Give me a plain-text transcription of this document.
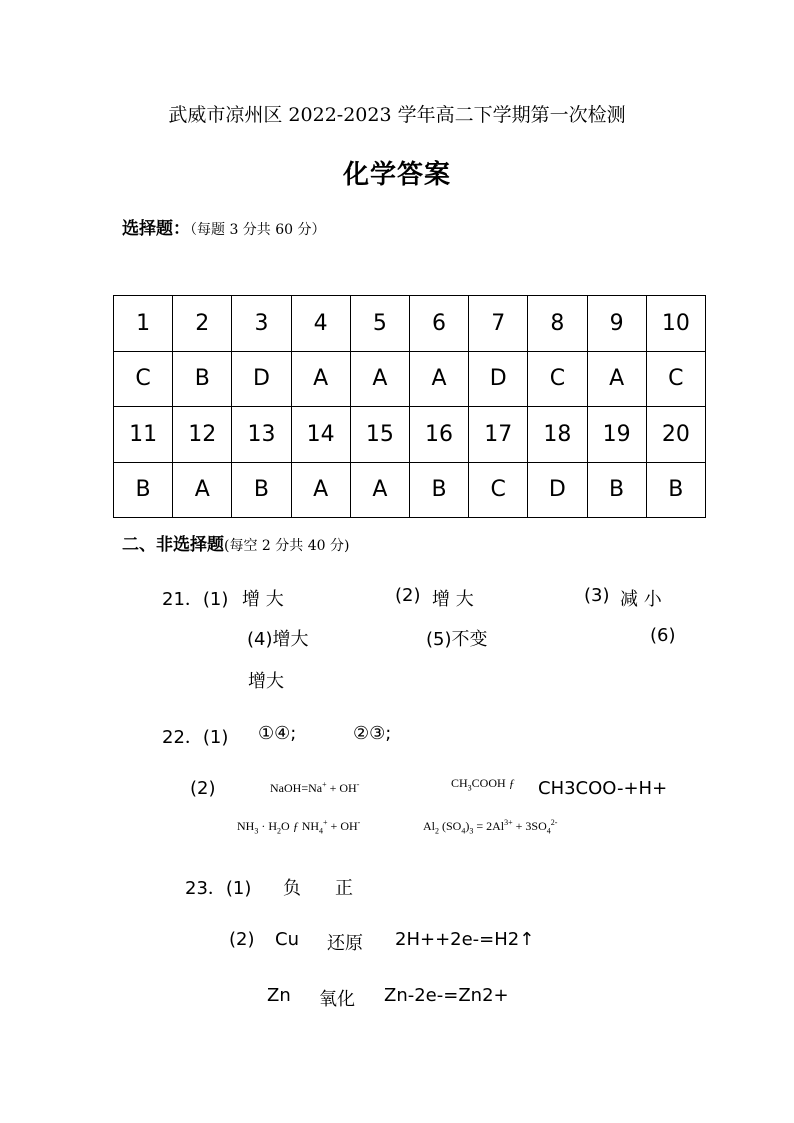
武威市凉州区 2022-2023 学年高二下学期第一次检测
化学答案
选择题：（每题 3 分共 60 分）
1	2	3	4	5	6	7	8	9	10
C	B	D	A	A	A	D	C	A	C
11	12	13	14	15	16	17	18	19	20
B	A	B	A	A	B	C	D	B	B
二、非选择题(每空 2 分共 40 分)
21．(1) 增 大	(2) 增 大	(3) 减 小
(4)增大	(5)不变	(6)
增大
22．(1) ①④;	②③;
(2)	NaOH=Na+ + OH-	$CH_3COOH$ ƒ CH3COO-+H+
$NH_3 \cdot H_2O$ ƒ $NH_4^+ + OH^-$	$Al_2$ $(SO_4)_3 = 2Al^{3+} + 3SO_4^{2-}$
23．(1) 负 正
(2) Cu 还原 2H++2e-=H2↑
Zn 氧化 Zn-2e-=Zn2+
